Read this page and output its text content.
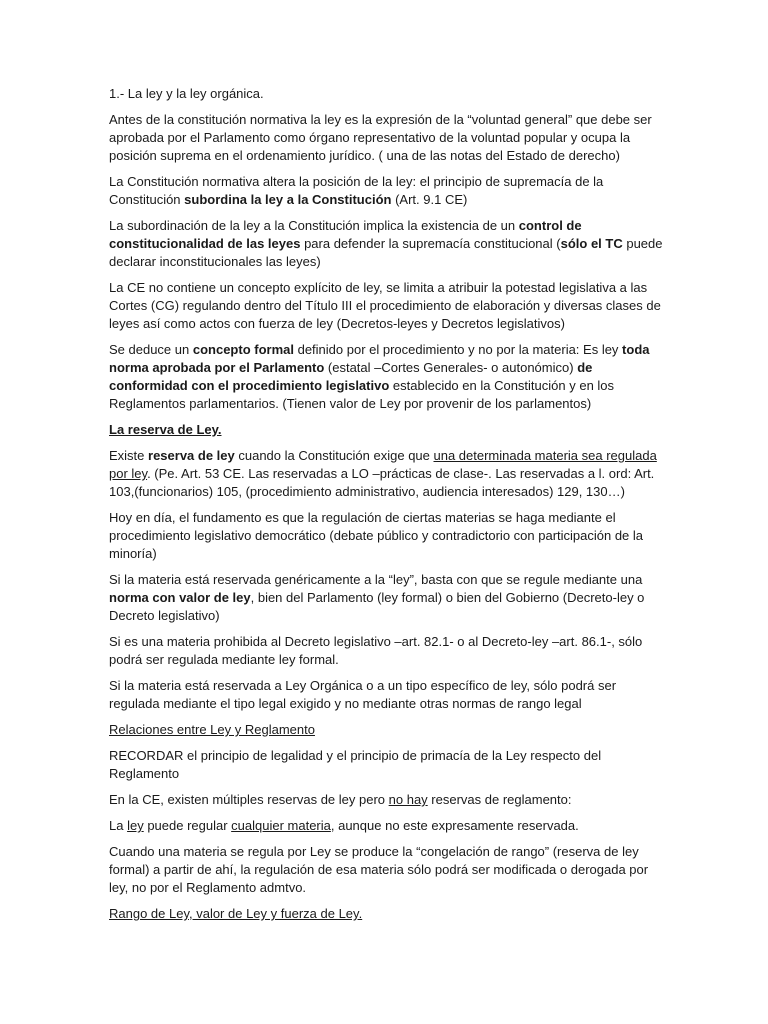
1.- La ley y la ley orgánica.

Antes de la constitución normativa la ley es la expresión de la “voluntad general” que debe ser aprobada por el Parlamento como órgano representativo de la voluntad popular y ocupa la posición suprema en el ordenamiento jurídico. ( una de las notas del Estado de derecho)

La Constitución normativa altera la posición de la ley: el principio de supremacía de la Constitución subordina la ley a la Constitución (Art. 9.1 CE)

La subordinación de la ley a la Constitución implica la existencia de un control de constitucionalidad de las leyes para defender la supremacía constitucional (sólo el TC puede declarar inconstitucionales las leyes)

La CE no contiene un concepto explícito de ley, se limita a atribuir la potestad legislativa a las Cortes (CG) regulando dentro del Título III el procedimiento de elaboración y diversas clases de leyes así como actos con fuerza de ley (Decretos-leyes y Decretos legislativos)

Se deduce un concepto formal definido por el procedimiento y no por la materia: Es ley toda norma aprobada por el Parlamento (estatal –Cortes Generales- o autonómico) de conformidad con el procedimiento legislativo establecido en la Constitución y en los Reglamentos parlamentarios. (Tienen valor de Ley por provenir de los parlamentos)

La reserva de Ley.

Existe reserva de ley cuando la Constitución exige que una determinada materia sea regulada por ley. (Pe. Art. 53 CE. Las reservadas a LO –prácticas de clase-. Las reservadas a l. ord: Art. 103,(funcionarios) 105, (procedimiento administrativo, audiencia interesados) 129, 130…)

Hoy en día, el fundamento es que la regulación de ciertas materias se haga mediante el procedimiento legislativo democrático (debate público y contradictorio con participación de la minoría)

Si la materia está reservada genéricamente a la “ley”, basta con que se regule mediante una norma con valor de ley, bien del Parlamento (ley formal) o bien del Gobierno (Decreto-ley o Decreto legislativo)

Si es una materia prohibida al Decreto legislativo –art. 82.1- o al Decreto-ley –art. 86.1-, sólo podrá ser regulada mediante ley formal.

Si la materia está reservada a Ley Orgánica o a un tipo específico de ley, sólo podrá ser regulada mediante el tipo legal exigido y no mediante otras normas de rango legal

Relaciones entre Ley y Reglamento

RECORDAR el principio de legalidad y el principio de primacía de la Ley respecto del Reglamento

En la CE, existen múltiples reservas de ley pero no hay reservas de reglamento:

La ley puede regular cualquier materia, aunque no este expresamente reservada.

Cuando una materia se regula por Ley se produce la “congelación de rango” (reserva de ley formal) a partir de ahí, la regulación de esa materia sólo podrá ser modificada o derogada por ley, no por el Reglamento admtvo.

Rango de Ley, valor de Ley y fuerza de Ley.
